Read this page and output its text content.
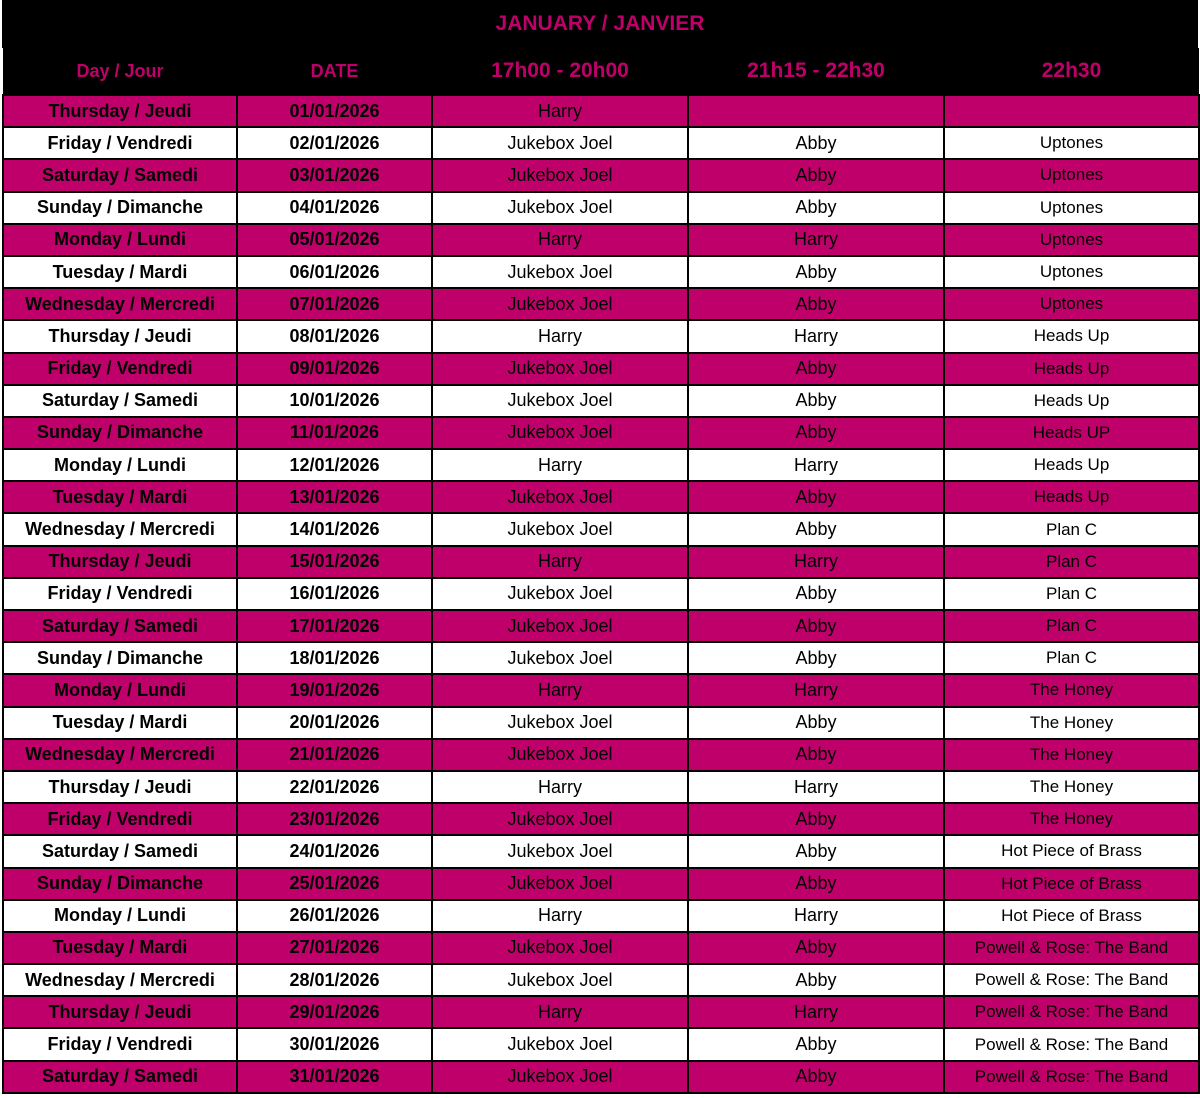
JANUARY / JANVIER
Day / Jour	DATE	17h00 - 20h00	21h15 - 22h30	22h30
Thursday / Jeudi	01/01/2026	Harry		
Friday / Vendredi	02/01/2026	Jukebox Joel	Abby	Uptones
Saturday / Samedi	03/01/2026	Jukebox Joel	Abby	Uptones
Sunday / Dimanche	04/01/2026	Jukebox Joel	Abby	Uptones
Monday / Lundi	05/01/2026	Harry	Harry	Uptones
Tuesday / Mardi	06/01/2026	Jukebox Joel	Abby	Uptones
Wednesday / Mercredi	07/01/2026	Jukebox Joel	Abby	Uptones
Thursday / Jeudi	08/01/2026	Harry	Harry	Heads Up
Friday / Vendredi	09/01/2026	Jukebox Joel	Abby	Heads Up
Saturday / Samedi	10/01/2026	Jukebox Joel	Abby	Heads Up
Sunday / Dimanche	11/01/2026	Jukebox Joel	Abby	Heads UP
Monday / Lundi	12/01/2026	Harry	Harry	Heads Up
Tuesday / Mardi	13/01/2026	Jukebox Joel	Abby	Heads Up
Wednesday / Mercredi	14/01/2026	Jukebox Joel	Abby	Plan C
Thursday / Jeudi	15/01/2026	Harry	Harry	Plan C
Friday / Vendredi	16/01/2026	Jukebox Joel	Abby	Plan C
Saturday / Samedi	17/01/2026	Jukebox Joel	Abby	Plan C
Sunday / Dimanche	18/01/2026	Jukebox Joel	Abby	Plan C
Monday / Lundi	19/01/2026	Harry	Harry	The Honey
Tuesday / Mardi	20/01/2026	Jukebox Joel	Abby	The Honey
Wednesday / Mercredi	21/01/2026	Jukebox Joel	Abby	The Honey
Thursday / Jeudi	22/01/2026	Harry	Harry	The Honey
Friday / Vendredi	23/01/2026	Jukebox Joel	Abby	The Honey
Saturday / Samedi	24/01/2026	Jukebox Joel	Abby	Hot Piece of Brass
Sunday / Dimanche	25/01/2026	Jukebox Joel	Abby	Hot Piece of Brass
Monday / Lundi	26/01/2026	Harry	Harry	Hot Piece of Brass
Tuesday / Mardi	27/01/2026	Jukebox Joel	Abby	Powell & Rose: The Band
Wednesday / Mercredi	28/01/2026	Jukebox Joel	Abby	Powell & Rose: The Band
Thursday / Jeudi	29/01/2026	Harry	Harry	Powell & Rose: The Band
Friday / Vendredi	30/01/2026	Jukebox Joel	Abby	Powell & Rose: The Band
Saturday / Samedi	31/01/2026	Jukebox Joel	Abby	Powell & Rose: The Band
